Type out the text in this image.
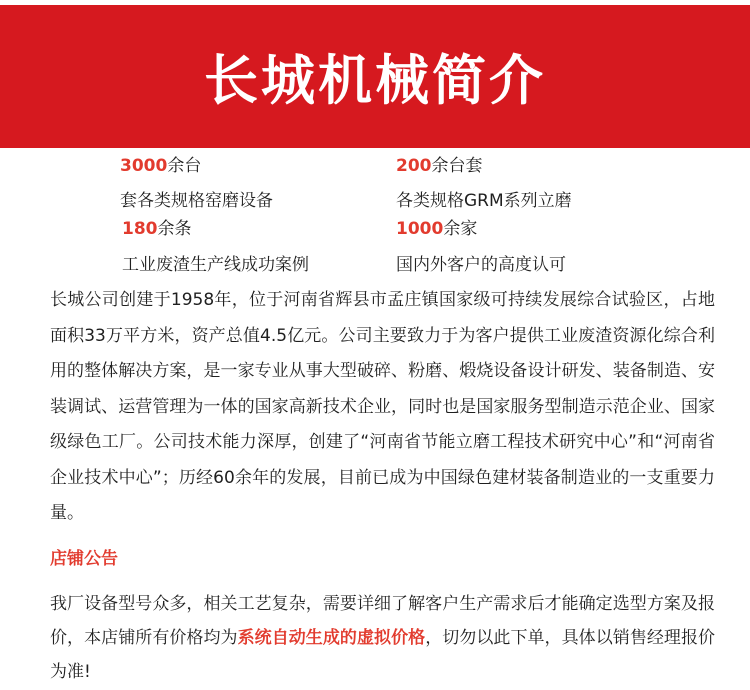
长城机械简介
3000余台
套各类规格窑磨设备
200余台套
各类规格GRM系列立磨
180余条
工业废渣生产线成功案例
1000余家
国内外客户的高度认可

长城公司创建于1958年，位于河南省辉县市孟庄镇国家级可持续发展综合试验区，占地面积33万平方米，资产总值4.5亿元。公司主要致力于为客户提供工业废渣资源化综合利用的整体解决方案，是一家专业从事大型破碎、粉磨、煅烧设备设计研发、装备制造、安装调试、运营管理为一体的国家高新技术企业，同时也是国家服务型制造示范企业、国家级绿色工厂。公司技术能力深厚，创建了“河南省节能立磨工程技术研究中心”和“河南省企业技术中心”；历经60余年的发展，目前已成为中国绿色建材装备制造业的一支重要力量。

店铺公告

我厂设备型号众多，相关工艺复杂，需要详细了解客户生产需求后才能确定选型方案及报价，本店铺所有价格均为系统自动生成的虚拟价格，切勿以此下单，具体以销售经理报价为准!
